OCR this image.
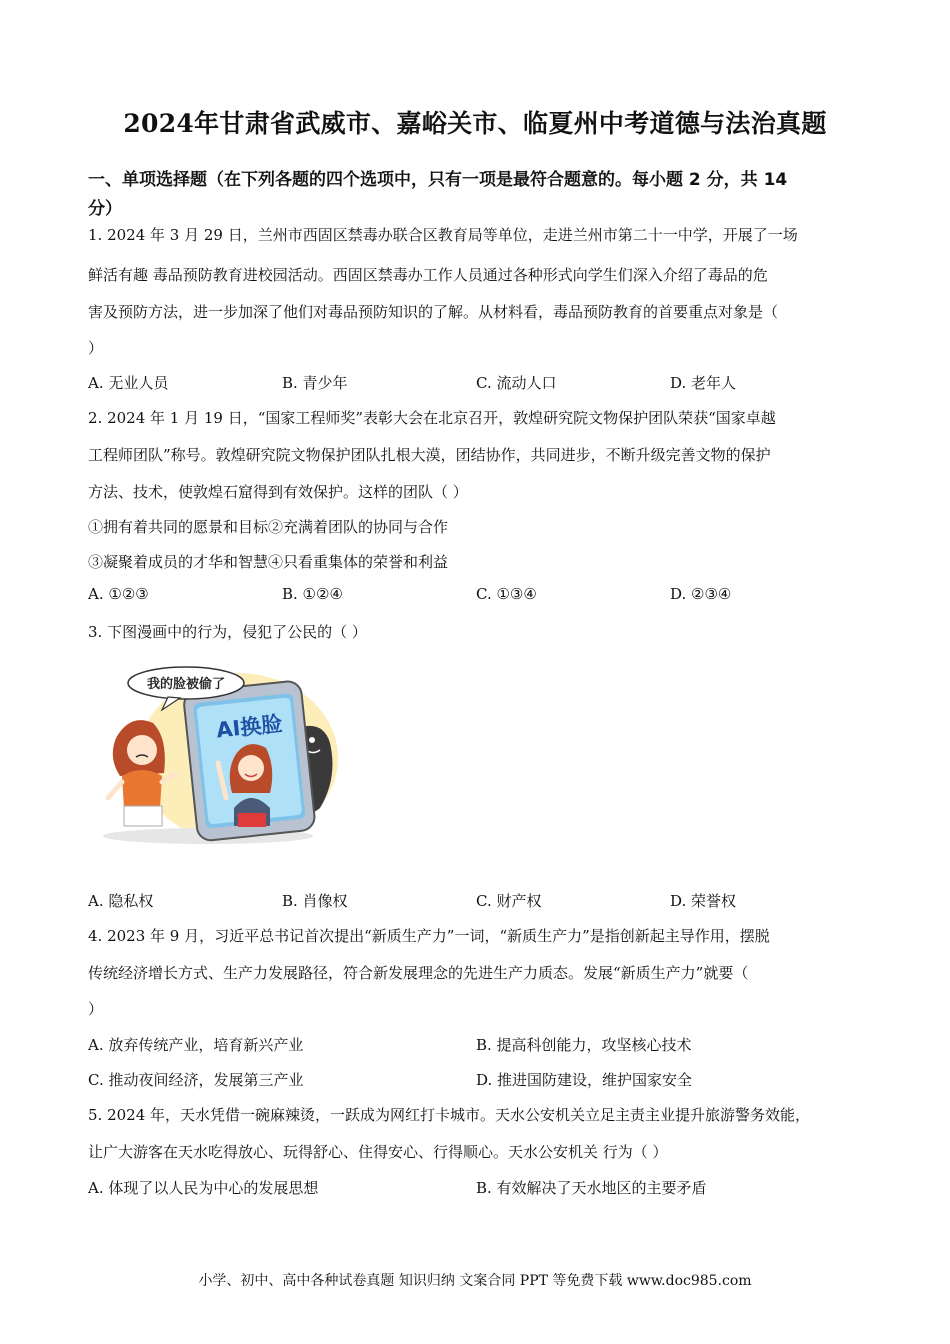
2024年甘肃省武威市、嘉峪关市、临夏州中考道德与法治真题
一、单项选择题（在下列各题的四个选项中，只有一项是最符合题意的。每小题 2 分，共 14
分）
1. 2024 年 3 月 29 日，兰州市西固区禁毒办联合区教育局等单位，走进兰州市第二十一中学，开展了一场
鲜活有趣 毒品预防教育进校园活动。西固区禁毒办工作人员通过各种形式向学生们深入介绍了毒品的危
害及预防方法，进一步加深了他们对毒品预防知识的了解。从材料看，毒品预防教育的首要重点对象是（
）
A. 无业人员	B. 青少年	C. 流动人口	D. 老年人
2. 2024 年 1 月 19 日，“国家工程师奖”表彰大会在北京召开，敦煌研究院文物保护团队荣获“国家卓越
工程师团队”称号。敦煌研究院文物保护团队扎根大漠，团结协作，共同进步，不断升级完善文物的保护
方法、技术，使敦煌石窟得到有效保护。这样的团队（ ）
①拥有着共同的愿景和目标②充满着团队的协同与合作
③凝聚着成员的才华和智慧④只看重集体的荣誉和利益
A. ①②③	B. ①②④	C. ①③④	D. ②③④
3. 下图漫画中的行为，侵犯了公民的（ ）
我的脸被偷了
AI换脸
A. 隐私权	B. 肖像权	C. 财产权	D. 荣誉权
4. 2023 年 9 月，习近平总书记首次提出“新质生产力”一词，“新质生产力”是指创新起主导作用，摆脱
传统经济增长方式、生产力发展路径，符合新发展理念的先进生产力质态。发展“新质生产力”就要（
）
A. 放弃传统产业，培育新兴产业	B. 提高科创能力，攻坚核心技术
C. 推动夜间经济，发展第三产业	D. 推进国防建设，维护国家安全
5. 2024 年，天水凭借一碗麻辣烫，一跃成为网红打卡城市。天水公安机关立足主责主业提升旅游警务效能，
让广大游客在天水吃得放心、玩得舒心、住得安心、行得顺心。天水公安机关 行为（ ）
A. 体现了以人民为中心的发展思想	B. 有效解决了天水地区的主要矛盾
小学、初中、高中各种试卷真题 知识归纳 文案合同 PPT 等免费下载 www.doc985.com
